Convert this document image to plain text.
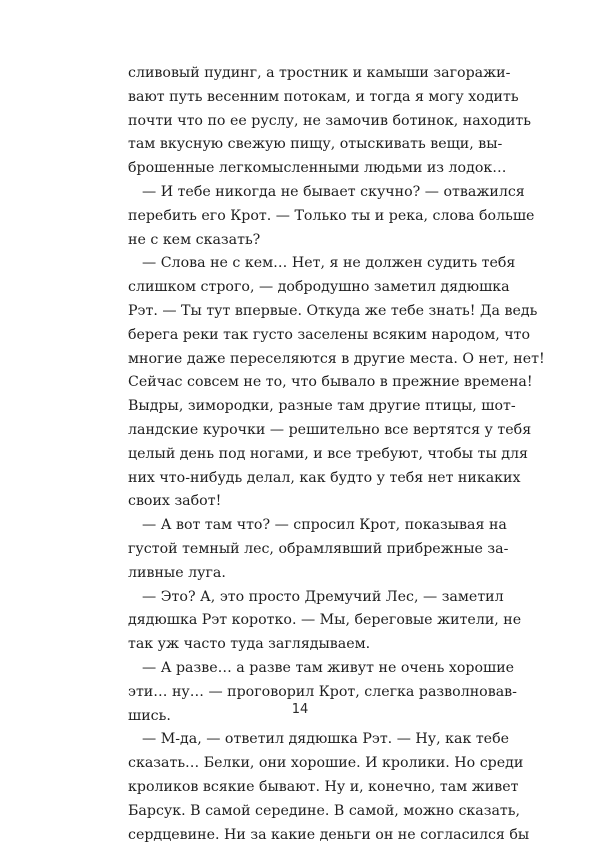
сливовый пудинг, а тростник и камыши загоражи-
вают путь весенним потокам, и тогда я могу ходить
почти что по ее руслу, не замочив ботинок, находить
там вкусную свежую пищу, отыскивать вещи, вы-
брошенные легкомысленными людьми из лодок…
— И тебе никогда не бывает скучно? — отважился
перебить его Крот. — Только ты и река, слова больше
не с кем сказать?
— Слова не с кем… Нет, я не должен судить тебя
слишком строго, — добродушно заметил дядюшка
Рэт. — Ты тут впервые. Откуда же тебе знать! Да ведь
берега реки так густо заселены всяким народом, что
многие даже переселяются в другие места. О нет, нет!
Сейчас совсем не то, что бывало в прежние времена!
Выдры, зимородки, разные там другие птицы, шот-
ландские курочки — решительно все вертятся у тебя
целый день под ногами, и все требуют, чтобы ты для
них что-нибудь делал, как будто у тебя нет никаких
своих забот!
— А вот там что? — спросил Крот, показывая на
густой темный лес, обрамлявший прибрежные за-
ливные луга.
— Это? А, это просто Дремучий Лес, — заметил
дядюшка Рэт коротко. — Мы, береговые жители, не
так уж часто туда заглядываем.
— А разве… а разве там живут не очень хорошие
эти… ну… — проговорил Крот, слегка разволновав-
шись.
— М-да, — ответил дядюшка Рэт. — Ну, как тебе
сказать… Белки, они хорошие. И кролики. Но среди
кроликов всякие бывают. Ну и, конечно, там живет
Барсук. В самой середине. В самой, можно сказать,
сердцевине. Ни за какие деньги он не согласился бы
14
